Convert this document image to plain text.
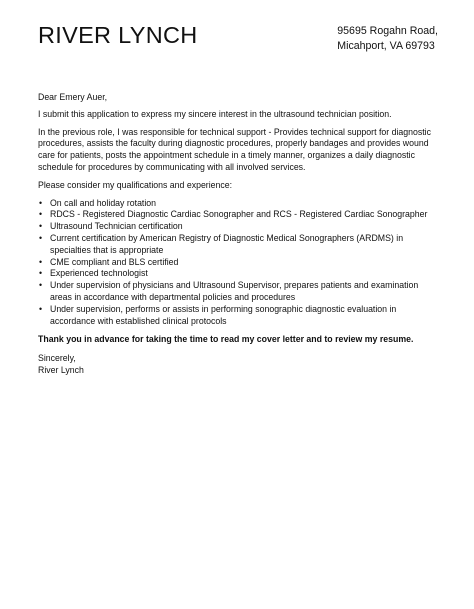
RIVER LYNCH	95695 Rogahn Road,
Micahport, VA 69793

Dear Emery Auer,

I submit this application to express my sincere interest in the ultrasound technician position.

In the previous role, I was responsible for technical support - Provides technical support for diagnostic procedures, assists the faculty during diagnostic procedures, properly bandages and provides wound care for patients, posts the appointment schedule in a timely manner, organizes a daily diagnostic schedule for procedures by communicating with all involved services.

Please consider my qualifications and experience:

• On call and holiday rotation
• RDCS - Registered Diagnostic Cardiac Sonographer and RCS - Registered Cardiac Sonographer
• Ultrasound Technician certification
• Current certification by American Registry of Diagnostic Medical Sonographers (ARDMS) in specialties that is appropriate
• CME compliant and BLS certified
• Experienced technologist
• Under supervision of physicians and Ultrasound Supervisor, prepares patients and examination areas in accordance with departmental policies and procedures
• Under supervision, performs or assists in performing sonographic diagnostic evaluation in accordance with established clinical protocols

Thank you in advance for taking the time to read my cover letter and to review my resume.

Sincerely,

River Lynch
